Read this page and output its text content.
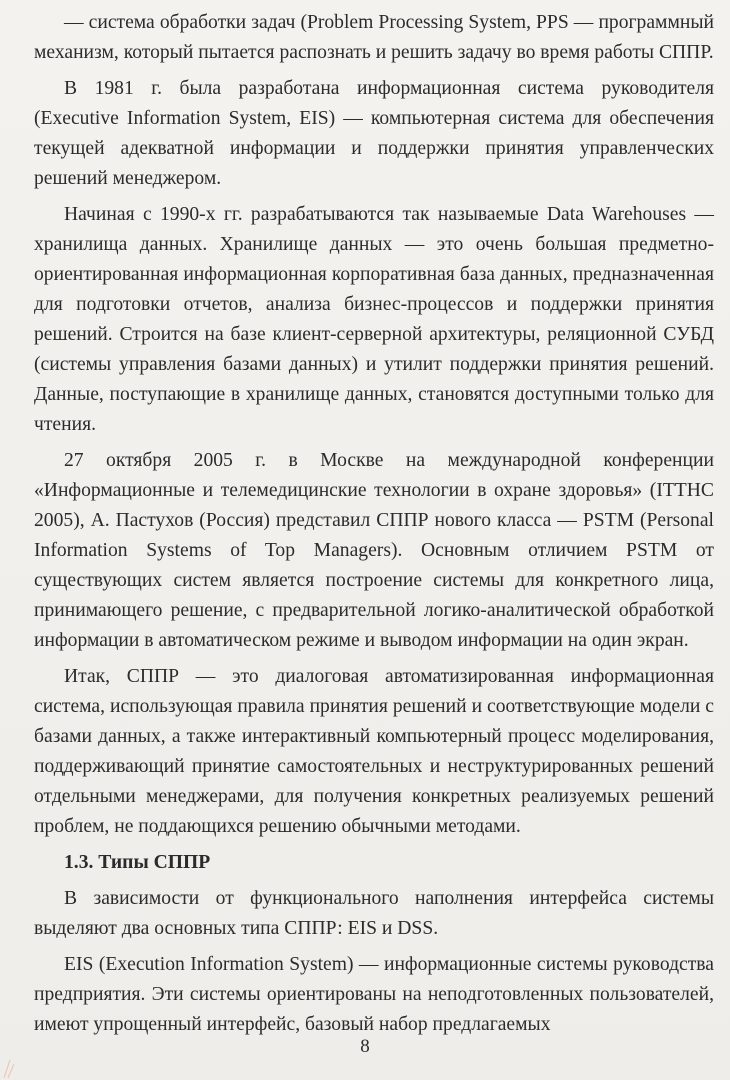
— система обработки задач (Problem Processing System, PPS — программный механизм, который пытается распознать и решить задачу во время работы СППР.

В 1981 г. была разработана информационная система руководителя (Executive Information System, EIS) — компьютерная система для обеспечения текущей адекватной информации и поддержки принятия управленческих решений менеджером.

Начиная с 1990-х гг. разрабатываются так называемые Data Warehouses — хранилища данных. Хранилище данных — это очень большая предметно- ориентированная информационная корпоративная база данных, предназначенная для подготовки отчетов, анализа бизнес-процессов и поддержки принятия решений. Строится на базе клиент-серверной архитектуры, реляционной СУБД (системы управления базами данных) и утилит поддержки принятия решений. Данные, поступающие в хранилище данных, становятся доступными только для чтения.

27 октября 2005 г. в Москве на международной конференции «Информационные и телемедицинские технологии в охране здоровья» (ITTHC 2005), А. Пастухов (Россия) представил СППР нового класса — PSTM (Personal Information Systems of Top Managers). Основным отличием PSTM от существующих систем является построение системы для конкретного лица, принимающего решение, с предварительной логико-аналитической обработкой информации в автоматическом режиме и выводом информации на один экран.

Итак, СППР — это диалоговая автоматизированная информационная система, использующая правила принятия решений и соответствующие модели с базами данных, а также интерактивный компьютерный процесс моделирования, поддерживающий принятие самостоятельных и неструктурированных решений отдельными менеджерами, для получения конкретных реализуемых решений проблем, не поддающихся решению обычными методами.

1.3. Типы СППР

В зависимости от функционального наполнения интерфейса системы выделяют два основных типа СППР: EIS и DSS.

EIS (Execution Information System) — информационные системы руководства предприятия. Эти системы ориентированы на неподготовленных пользователей, имеют упрощенный интерфейс, базовый набор предлагаемых

8
